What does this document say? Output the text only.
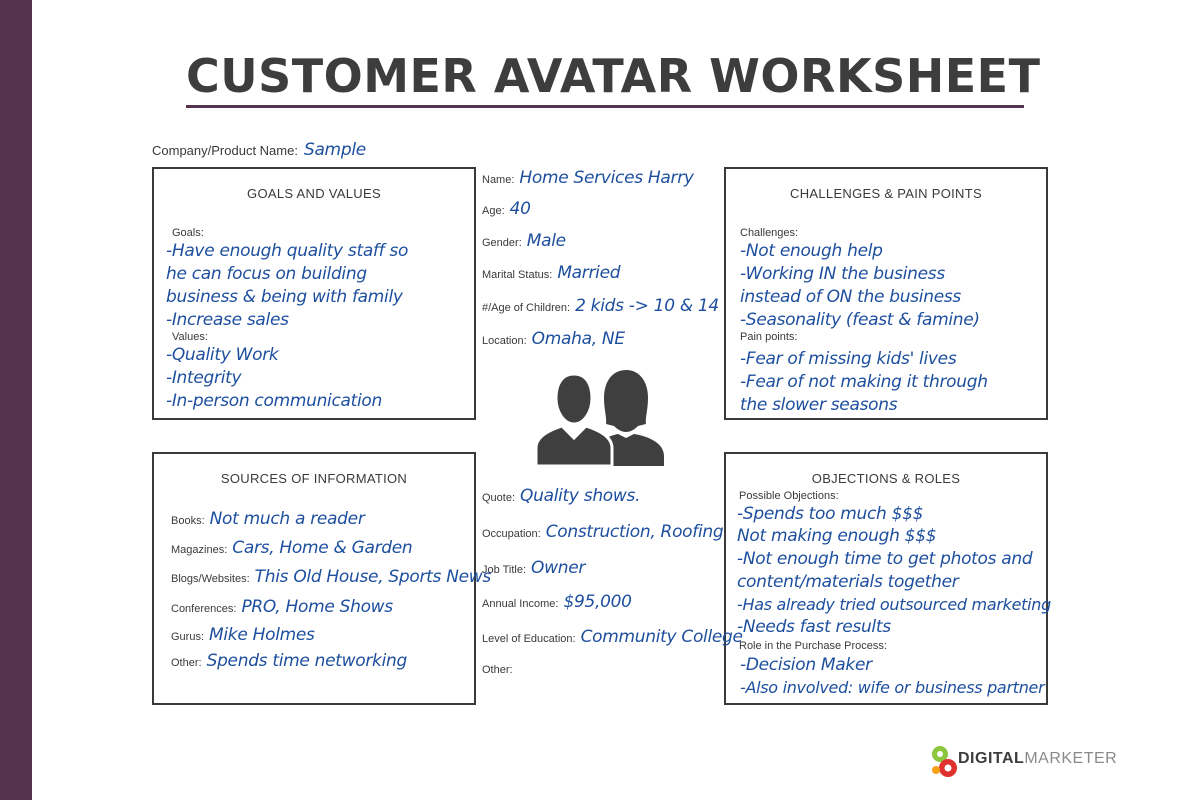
CUSTOMER AVATAR WORKSHEET
Company/Product Name: Sample
GOALS AND VALUES
Goals:
-Have enough quality staff so
he can focus on building
business & being with family
-Increase sales
Values:
-Quality Work
-Integrity
-In-person communication
CHALLENGES & PAIN POINTS
Challenges:
-Not enough help
-Working IN the business
instead of ON the business
-Seasonality (feast & famine)
Pain points:
-Fear of missing kids' lives
-Fear of not making it through
the slower seasons
SOURCES OF INFORMATION
Books: Not much a reader
Magazines: Cars, Home & Garden
Blogs/Websites: This Old House, Sports News
Conferences: PRO, Home Shows
Gurus: Mike Holmes
Other: Spends time networking
OBJECTIONS & ROLES
Possible Objections:
-Spends too much $$$
Not making enough $$$
-Not enough time to get photos and
content/materials together
-Has already tried outsourced marketing
-Needs fast results
Role in the Purchase Process:
-Decision Maker
-Also involved: wife or business partner
Name: Home Services Harry
Age: 40
Gender: Male
Marital Status: Married
#/Age of Children: 2 kids -> 10 & 14
Location: Omaha, NE
Quote: Quality shows.
Occupation: Construction, Roofing
Job Title: Owner
Annual Income: $95,000
Level of Education: Community College
Other:
DIGITALMARKETER
